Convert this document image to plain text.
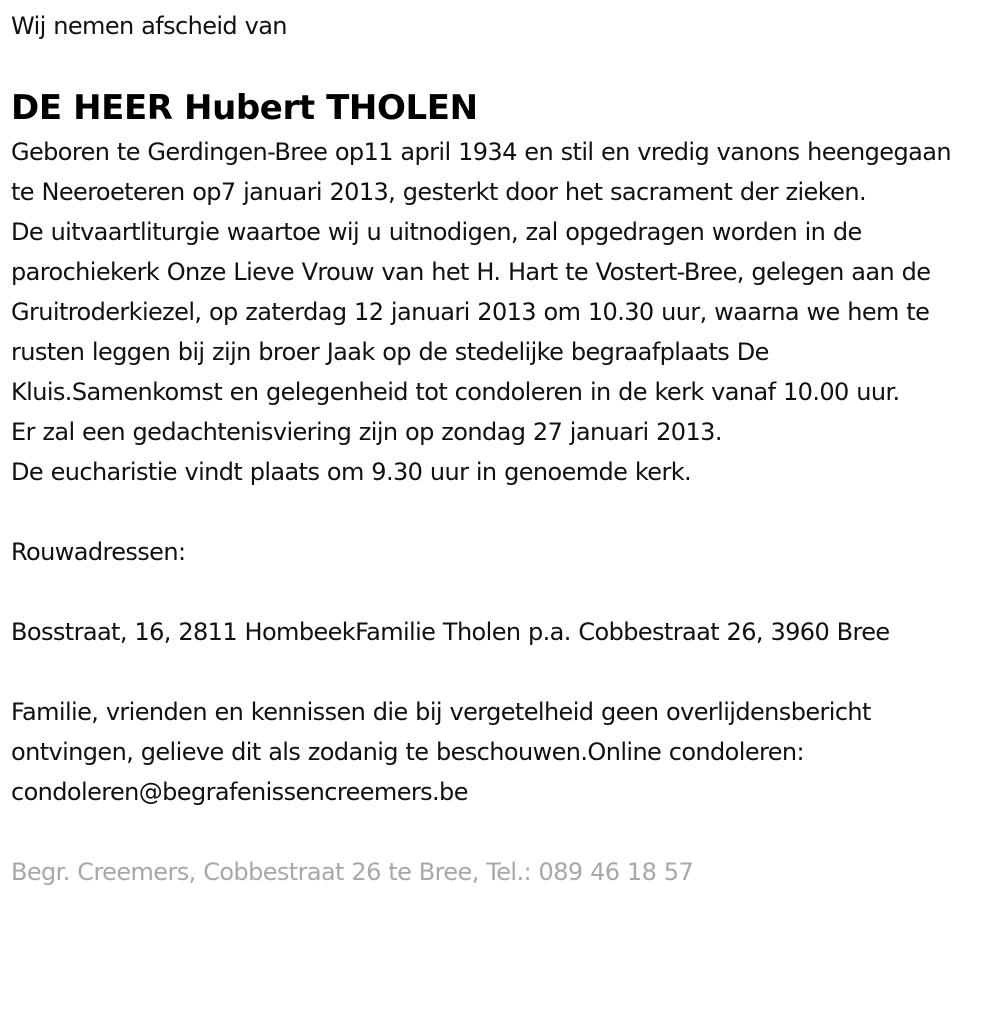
Wij nemen afscheid van

DE HEER Hubert THOLEN

Geboren te Gerdingen-Bree op11 april 1934 en stil en vredig vanons heengegaan te Neeroeteren op7 januari 2013, gesterkt door het sacrament der zieken.

De uitvaartliturgie waartoe wij u uitnodigen, zal opgedragen worden in de parochiekerk Onze Lieve Vrouw van het H. Hart te Vostert-Bree, gelegen aan de Gruitroderkiezel, op zaterdag 12 januari 2013 om 10.30 uur, waarna we hem te rusten leggen bij zijn broer Jaak op de stedelijke begraafplaats De Kluis.Samenkomst en gelegenheid tot condoleren in de kerk vanaf 10.00 uur.

Er zal een gedachtenisviering zijn op zondag 27 januari 2013.

De eucharistie vindt plaats om 9.30 uur in genoemde kerk.

Rouwadressen:

Bosstraat, 16, 2811 HombeekFamilie Tholen p.a. Cobbestraat 26, 3960 Bree

Familie, vrienden en kennissen die bij vergetelheid geen overlijdensbericht ontvingen, gelieve dit als zodanig te beschouwen.Online condoleren: condoleren@begrafenissencreemers.be

Begr. Creemers, Cobbestraat 26 te Bree, Tel.: 089 46 18 57
